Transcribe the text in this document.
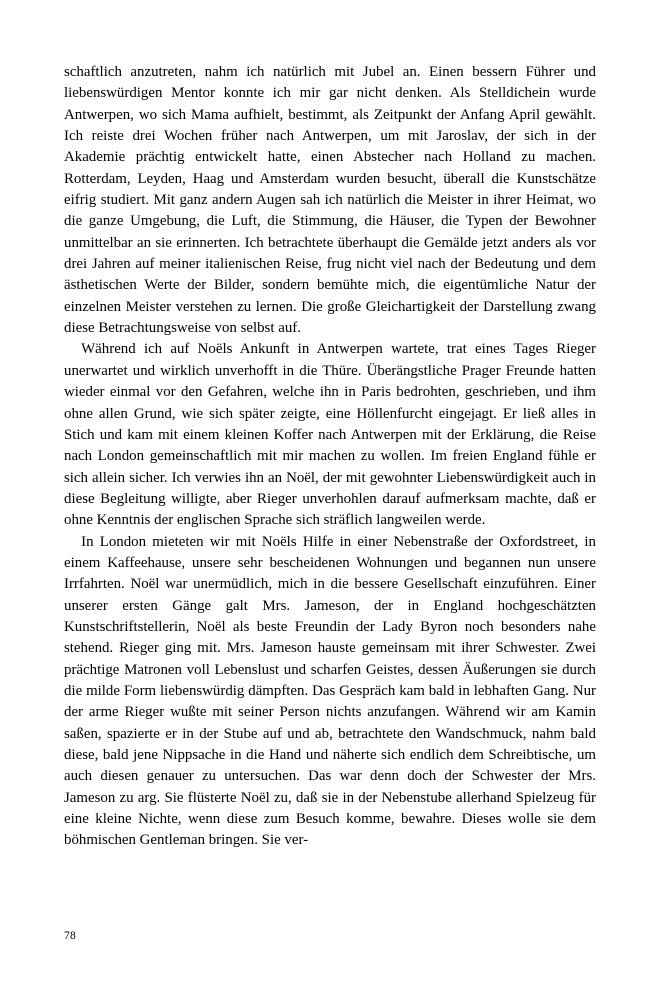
schaftlich anzutreten, nahm ich natürlich mit Jubel an. Einen bessern Führer und liebenswürdigen Mentor konnte ich mir gar nicht denken. Als Stelldichein wurde Antwerpen, wo sich Mama aufhielt, bestimmt, als Zeitpunkt der Anfang April gewählt. Ich reiste drei Wochen früher nach Antwerpen, um mit Jaroslav, der sich in der Akademie prächtig entwickelt hatte, einen Abstecher nach Holland zu machen. Rotterdam, Leyden, Haag und Amsterdam wurden besucht, überall die Kunstschätze eifrig studiert. Mit ganz andern Augen sah ich natürlich die Meister in ihrer Heimat, wo die ganze Umgebung, die Luft, die Stimmung, die Häuser, die Typen der Bewohner unmittelbar an sie erinnerten. Ich betrachtete überhaupt die Gemälde jetzt anders als vor drei Jahren auf meiner italienischen Reise, frug nicht viel nach der Bedeutung und dem ästhetischen Werte der Bilder, sondern bemühte mich, die eigentümliche Natur der einzelnen Meister verstehen zu lernen. Die große Gleichartigkeit der Darstellung zwang diese Betrachtungsweise von selbst auf.

Während ich auf Noëls Ankunft in Antwerpen wartete, trat eines Tages Rieger unerwartet und wirklich unverhofft in die Thüre. Überängstliche Prager Freunde hatten wieder einmal vor den Gefahren, welche ihn in Paris bedrohten, geschrieben, und ihm ohne allen Grund, wie sich später zeigte, eine Höllenfurcht eingejagt. Er ließ alles in Stich und kam mit einem kleinen Koffer nach Antwerpen mit der Erklärung, die Reise nach London gemeinschaftlich mit mir machen zu wollen. Im freien England fühle er sich allein sicher. Ich verwies ihn an Noël, der mit gewohnter Liebenswürdigkeit auch in diese Begleitung willigte, aber Rieger unverhohlen darauf aufmerksam machte, daß er ohne Kenntnis der englischen Sprache sich sträflich langweilen werde.

In London mieteten wir mit Noëls Hilfe in einer Nebenstraße der Oxfordstreet, in einem Kaffeehause, unsere sehr bescheidenen Wohnungen und begannen nun unsere Irrfahrten. Noël war unermüdlich, mich in die bessere Gesellschaft einzuführen. Einer unserer ersten Gänge galt Mrs. Jameson, der in England hochgeschätzten Kunstschriftstellerin, Noël als beste Freundin der Lady Byron noch besonders nahe stehend. Rieger ging mit. Mrs. Jameson hauste gemeinsam mit ihrer Schwester. Zwei prächtige Matronen voll Lebenslust und scharfen Geistes, dessen Äußerungen sie durch die milde Form liebenswürdig dämpften. Das Gespräch kam bald in lebhaften Gang. Nur der arme Rieger wußte mit seiner Person nichts anzufangen. Während wir am Kamin saßen, spazierte er in der Stube auf und ab, betrachtete den Wandschmuck, nahm bald diese, bald jene Nippsache in die Hand und näherte sich endlich dem Schreibtische, um auch diesen genauer zu untersuchen. Das war denn doch der Schwester der Mrs. Jameson zu arg. Sie flüsterte Noël zu, daß sie in der Nebenstube allerhand Spielzeug für eine kleine Nichte, wenn diese zum Besuch komme, bewahre. Dieses wolle sie dem böhmischen Gentleman bringen. Sie ver-

78
